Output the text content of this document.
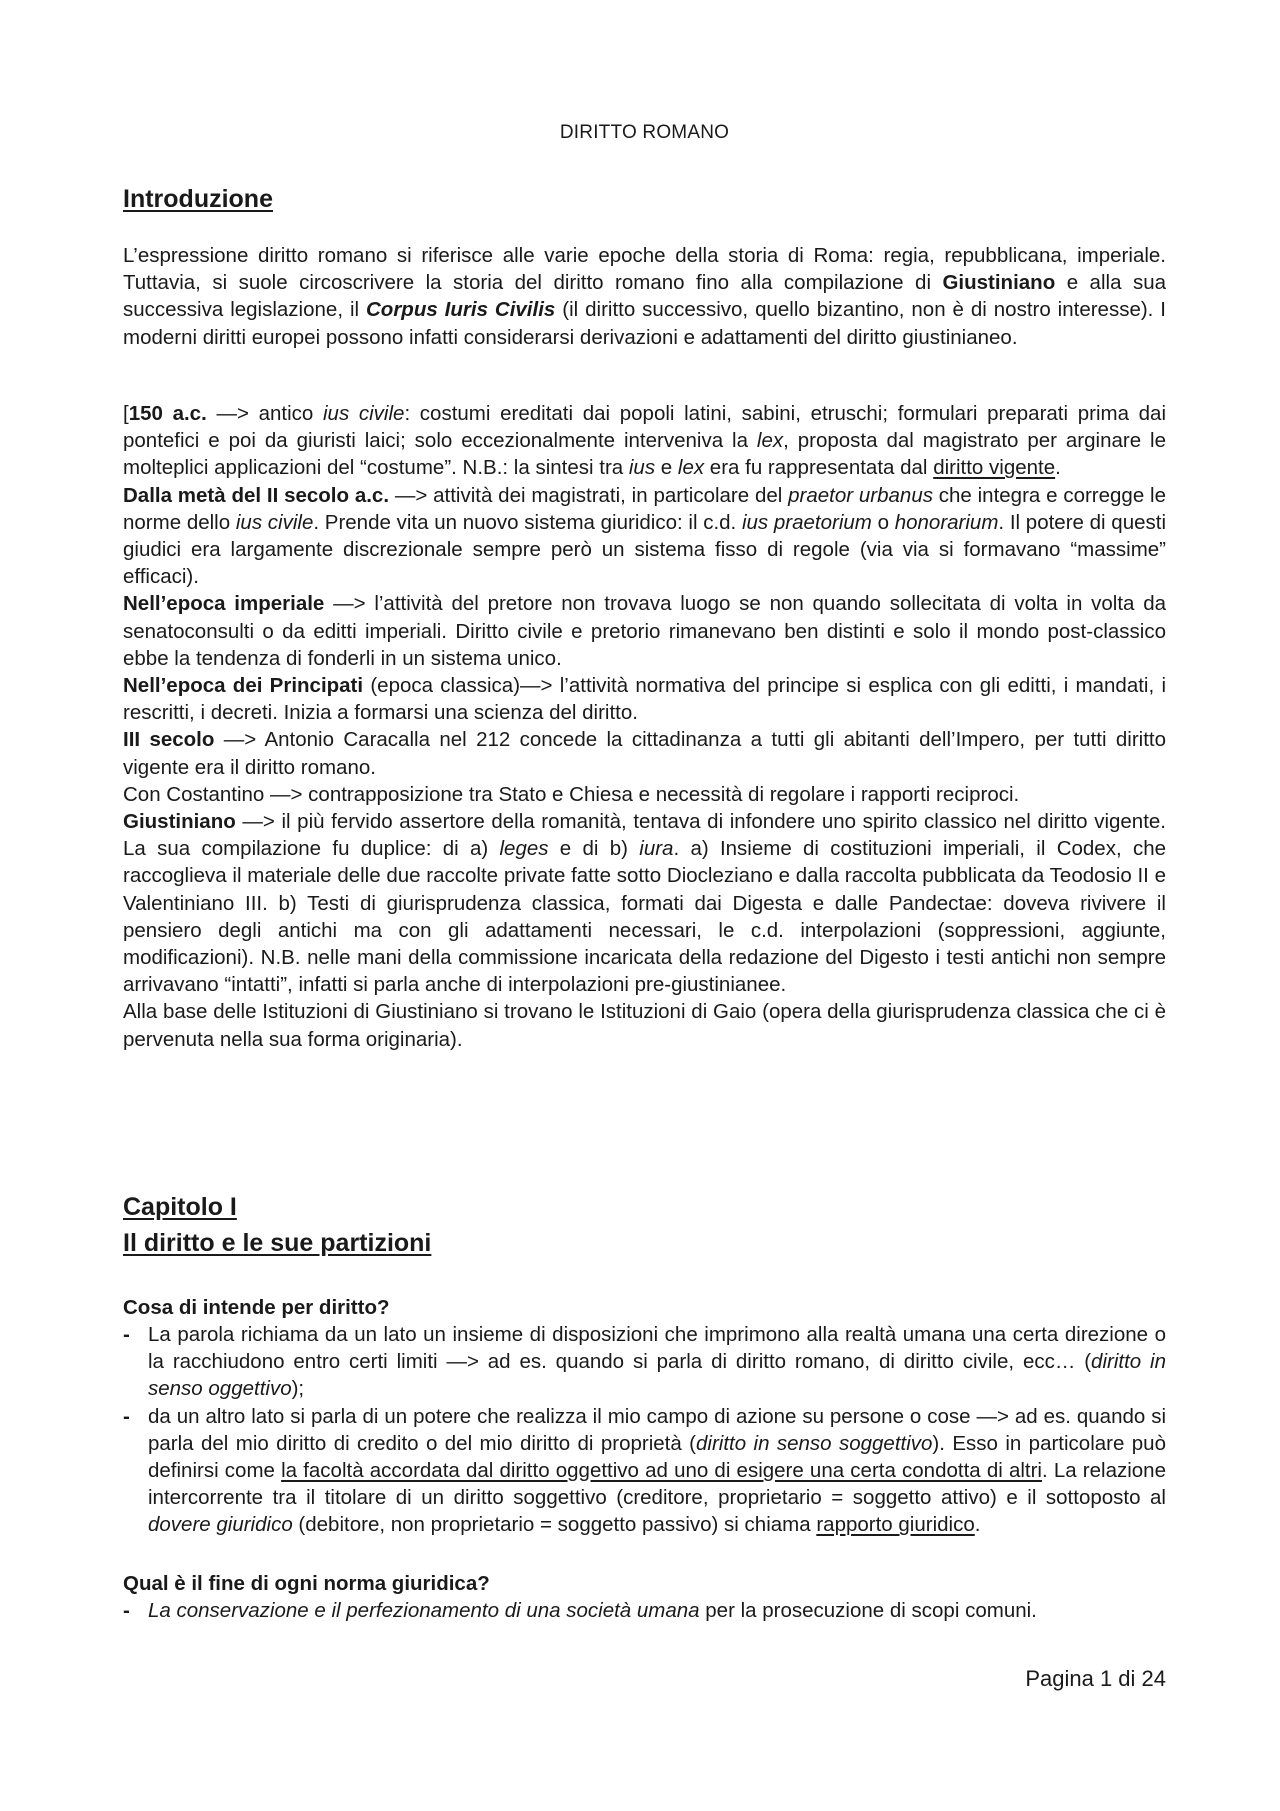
DIRITTO ROMANO
Introduzione

L’espressione diritto romano si riferisce alle varie epoche della storia di Roma: regia, repubblicana, imperiale. Tuttavia, si suole circoscrivere la storia del diritto romano fino alla compilazione di Giustiniano e alla sua successiva legislazione, il Corpus Iuris Civilis (il diritto successivo, quello bizantino, non è di nostro interesse). I moderni diritti europei possono infatti considerarsi derivazioni e adattamenti del diritto giustinianeo.

[150 a.c. —> antico ius civile: costumi ereditati dai popoli latini, sabini, etruschi; formulari preparati prima dai pontefici e poi da giuristi laici; solo eccezionalmente interveniva la lex, proposta dal magistrato per arginare le molteplici applicazioni del “costume”. N.B.: la sintesi tra ius e lex era fu rappresentata dal diritto vigente.

Dalla metà del II secolo a.c. —> attività dei magistrati, in particolare del praetor urbanus che integra e corregge le norme dello ius civile. Prende vita un nuovo sistema giuridico: il c.d. ius praetorium o honorarium. Il potere di questi giudici era largamente discrezionale sempre però un sistema fisso di regole (via via si formavano “massime” efficaci).

Nell’epoca imperiale —> l’attività del pretore non trovava luogo se non quando sollecitata di volta in volta da senatoconsulti o da editti imperiali. Diritto civile e pretorio rimanevano ben distinti e solo il mondo post-classico ebbe la tendenza di fonderli in un sistema unico.

Nell’epoca dei Principati (epoca classica)—> l’attività normativa del principe si esplica con gli editti, i mandati, i rescritti, i decreti. Inizia a formarsi una scienza del diritto.

III secolo —> Antonio Caracalla nel 212 concede la cittadinanza a tutti gli abitanti dell’Impero, per tutti diritto vigente era il diritto romano.

Con Costantino —> contrapposizione tra Stato e Chiesa e necessità di regolare i rapporti reciproci.

Giustiniano —> il più fervido assertore della romanità, tentava di infondere uno spirito classico nel diritto vigente. La sua compilazione fu duplice: di a) leges e di b) iura. a) Insieme di costituzioni imperiali, il Codex, che raccoglieva il materiale delle due raccolte private fatte sotto Diocleziano e dalla raccolta pubblicata da Teodosio II e Valentiniano III. b) Testi di giurisprudenza classica, formati dai Digesta e dalle Pandectae: doveva rivivere il pensiero degli antichi ma con gli adattamenti necessari, le c.d. interpolazioni (soppressioni, aggiunte, modificazioni). N.B. nelle mani della commissione incaricata della redazione del Digesto i testi antichi non sempre arrivavano “intatti”, infatti si parla anche di interpolazioni pre-giustinianee.

Alla base delle Istituzioni di Giustiniano si trovano le Istituzioni di Gaio (opera della giurisprudenza classica che ci è pervenuta nella sua forma originaria).

Capitolo I
Il diritto e le sue partizioni
Cosa di intende per diritto?
- La parola richiama da un lato un insieme di disposizioni che imprimono alla realtà umana una certa direzione o la racchiudono entro certi limiti —> ad es. quando si parla di diritto romano, di diritto civile, ecc… (diritto in senso oggettivo);
- da un altro lato si parla di un potere che realizza il mio campo di azione su persone o cose —> ad es. quando si parla del mio diritto di credito o del mio diritto di proprietà (diritto in senso soggettivo). Esso in particolare può definirsi come la facoltà accordata dal diritto oggettivo ad uno di esigere una certa condotta di altri. La relazione intercorrente tra il titolare di un diritto soggettivo (creditore, proprietario = soggetto attivo) e il sottoposto al dovere giuridico (debitore, non proprietario = soggetto passivo) si chiama rapporto giuridico.
Qual è il fine di ogni norma giuridica?
- La conservazione e il perfezionamento di una società umana per la prosecuzione di scopi comuni.
Pagina 1 di 24
